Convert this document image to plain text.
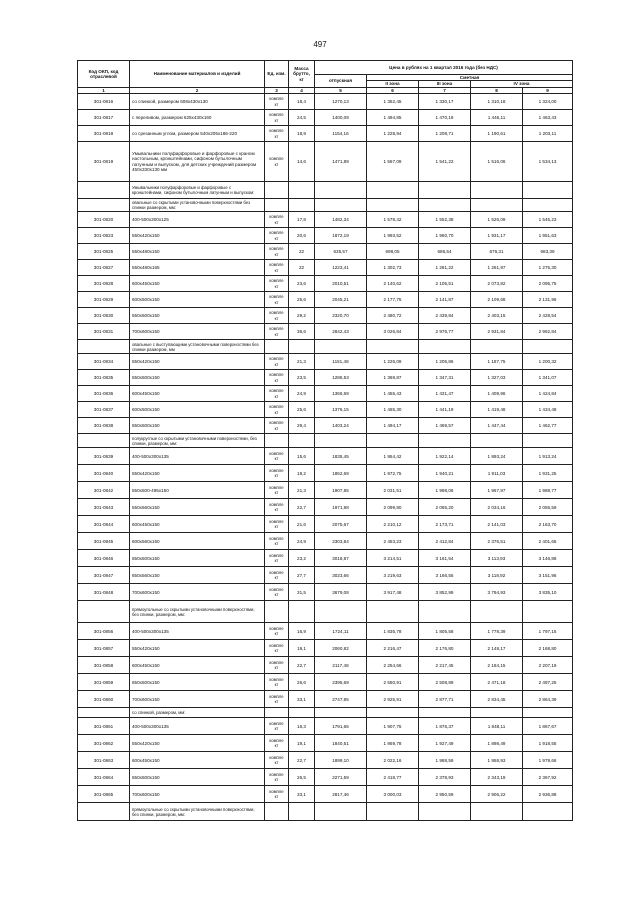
497
Код ОКП, код отраслевой	Наименование материалов и изделий	Ед. изм.	Масса брутто, кг	Цена в рублях на 1 квартал 2016 года (без НДС)				
				отпускная	Сметная			
					II зона	III зона	IV зона	

1	2	3	4	5	6	7	8	9
301-0816	со спинкой, размером 608х430х130	компле кт	18,4	1270,13	1 352,45	1 330,17	1 310,18	1 324,00
301-0817	с переливом, размером 625х430х160	компле кт	24,5	1400,09	1 494,85	1 470,19	1 446,11	1 463,43
301-0818	со срезанным углом, размером 540х205х186-220	компле кт	18,9	1154,16	1 228,94	1 208,71	1 190,61	1 203,11
301-0819	Умывальники полуфарфоровые и фарфоровые с краном настольным, кронштейнами, сифоном бутылочным латунным и выпуском, для детских учреждений размером 450х330х130 мм	компле кт	14,6	1471,89	1 567,09	1 541,22	1 516,06	1 534,13
	Умывальники полуфарфоровые и фарфоровые с кронштейнами, сифоном бутылочным латунным и выпуском:							
	овальные со скрытыми установочными поверхностями без спинки размером, мм:							
301-0820	400-500х300х125	компле кт	17,8	1482,34	1 578,42	1 552,38	1 526,09	1 545,23
301-0823	550х420х150	компле кт	20,6	1872,19	1 993,52	1 960,70	1 931,17	1 951,63
301-0825	550х480х150	компле кт	22	635,57	698,05	686,54	676,31	683,39
301-0827	550х480х165	компле кт	22	1223,41	1 302,73	1 281,22	1 261,97	1 275,30
301-0828	600х450х150	компле кт	23,6	2010,51	2 140,62	2 105,51	2 073,82	2 095,75
301-0829	600х500х150	компле кт	25,6	2045,21	2 177,75	2 141,87	2 109,68	2 131,96
301-0830	650х500х150	компле кт	29,2	2320,70	2 480,72	2 439,84	2 403,15	2 428,54
301-0831	700х600х150	компле кт	36,6	2842,43	3 026,84	2 976,77	2 931,84	2 962,84
	овальные с выступающими установочными поверхностями без спинки размером, мм							
301-0834	550х420х150	компле кт	21,3	1151,48	1 226,09	1 205,86	1 187,75	1 200,32
301-0835	550х500х150	компле кт	23,5	1286,53	1 369,87	1 347,31	1 327,03	1 341,07
301-0836	600х450х150	компле кт	24,9	1366,69	1 455,43	1 431,47	1 409,96	1 424,84
301-0837	600х500х150	компле кт	25,6	1376,15	1 465,30	1 441,19	1 419,48	1 434,48
301-0838	650х500х150	компле кт	29,4	1403,24	1 494,17	1 469,57	1 447,44	1 462,77
	полукруглые со скрытыми установочными поверхностями, без спинки, размером, мм:							
301-0839	400-500х300х135	компле кт	15,6	1835,45	1 954,42	1 922,14	1 893,24	1 913,24
301-0840	550х420х150	компле кт	18,2	1852,69	1 972,75	1 940,21	1 911,03	1 931,25
301-0842	550х500-495х150	компле кт	21,3	1907,85	2 031,51	1 998,06	1 967,97	1 988,77
301-0843	550х560х150	компле кт	22,7	1971,98	2 099,80	2 065,20	2 034,16	2 055,59
301-0844	600х450х150	компле кт	21,6	2075,67	2 210,12	2 173,71	2 141,03	2 163,70
301-0845	600х560х150	компле кт	24,9	2303,84	2 453,23	2 412,84	2 376,51	2 401,65
301-0846	650х500х150	компле кт	23,2	3018,87	3 214,51	3 161,54	3 113,93	3 146,88
301-0847	650х560х150	компле кт	27,7	3023,66	3 219,63	3 166,55	3 118,92	3 151,96
301-0848	700х600х150	компле кт	31,5	3679,08	3 917,48	3 852,99	3 794,93	3 835,10
	прямоугольные со скрытыми установочными поверхностями, без спинки, размером, мм:							
301-0856	400-500х300х135	компле кт	16,9	1724,11	1 835,78	1 805,58	1 778,39	1 797,15
301-0857	550х420х150	компле кт	19,1	2060,82	2 216,47	2 176,80	2 148,17	2 168,80
301-0858	600х450х150	компле кт	22,7	2117,48	2 254,66	2 217,45	2 184,15	2 207,19
301-0859	650х500х150	компле кт	26,6	2395,69	2 550,91	2 508,89	2 471,18	2 497,25
301-0860	700х600х150	компле кт	33,1	2747,85	2 925,91	2 877,71	2 834,45	2 864,39
	со спинкой, размером, мм:							
301-0861	400-500х300х135	компле кт	16,3	1791,66	1 907,75	1 876,37	1 848,11	1 867,67
301-0862	550х420х150	компле кт	19,1	1840,51	1 959,78	1 927,49	1 898,49	1 918,55
301-0863	600х450х150	компле кт	22,7	1899,10	2 022,16	1 988,59	1 958,93	1 979,66
301-0864	650х500х150	компле кт	26,5	2271,59	2 418,77	2 378,93	2 343,19	2 367,92
301-0865	700х600х150	компле кт	33,1	2817,46	3 000,03	2 950,59	2 906,22	2 936,88
	прямоугольные со скрытыми установочными поверхностями, без спинки, размером, мм:							
